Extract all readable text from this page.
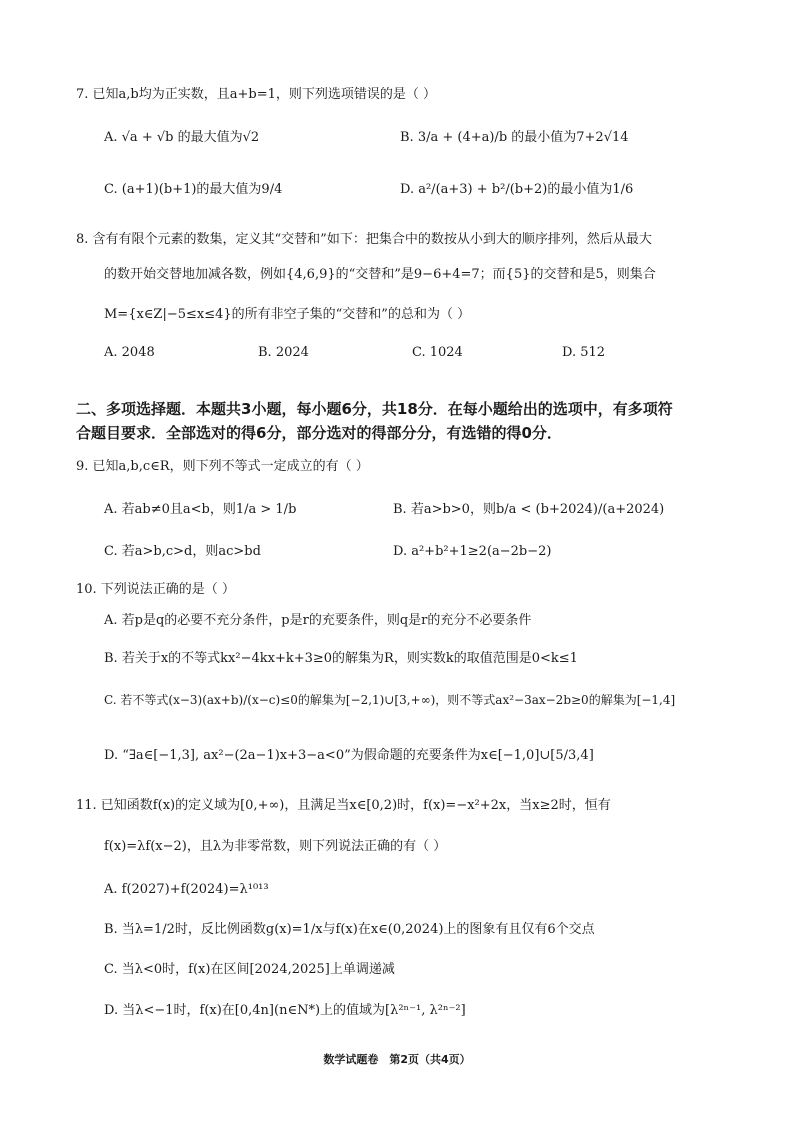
7. 已知a,b均为正实数，且a+b=1，则下列选项错误的是（ ）
A. √a + √b 的最大值为√2	B. 3/a + (4+a)/b 的最小值为7+2√14
C. (a+1)(b+1)的最大值为9/4	D. a²/(a+3) + b²/(b+2)的最小值为1/6
8. 含有有限个元素的数集，定义其“交替和”如下：把集合中的数按从小到大的顺序排列，然后从最大
的数开始交替地加减各数，例如{4,6,9}的“交替和”是9−6+4=7；而{5}的交替和是5，则集合
M={x∈Z|−5≤x≤4}的所有非空子集的“交替和”的总和为（ ）
A. 2048	B. 2024	C. 1024	D. 512
二、多项选择题．本题共3小题，每小题6分，共18分．在每小题给出的选项中，有多项符
合题目要求．全部选对的得6分，部分选对的得部分分，有选错的得0分．
9. 已知a,b,c∈R，则下列不等式一定成立的有（ ）
A. 若ab≠0且a<b，则1/a > 1/b	B. 若a>b>0，则b/a < (b+2024)/(a+2024)
C. 若a>b,c>d，则ac>bd	D. a²+b²+1≥2(a−2b−2)
10. 下列说法正确的是（ ）
A. 若p是q的必要不充分条件，p是r的充要条件，则q是r的充分不必要条件
B. 若关于x的不等式kx²−4kx+k+3≥0的解集为R，则实数k的取值范围是0<k≤1
C. 若不等式(x−3)(ax+b)/(x−c)≤0的解集为[−2,1)∪[3,+∞)，则不等式ax²−3ax−2b≥0的解集为[−1,4]
D. “∃a∈[−1,3], ax²−(2a−1)x+3−a<0”为假命题的充要条件为x∈[−1,0]∪[5/3,4]
11. 已知函数f(x)的定义域为[0,+∞)，且满足当x∈[0,2)时，f(x)=−x²+2x，当x≥2时，恒有
f(x)=λf(x−2)，且λ为非零常数，则下列说法正确的有（ ）
A. f(2027)+f(2024)=λ¹⁰¹³
B. 当λ=1/2时，反比例函数g(x)=1/x与f(x)在x∈(0,2024)上的图象有且仅有6个交点
C. 当λ<0时，f(x)在区间[2024,2025]上单调递减
D. 当λ<−1时，f(x)在[0,4n](n∈N*)上的值域为[λ²ⁿ⁻¹, λ²ⁿ⁻²]
数学试题卷　第2页（共4页）
